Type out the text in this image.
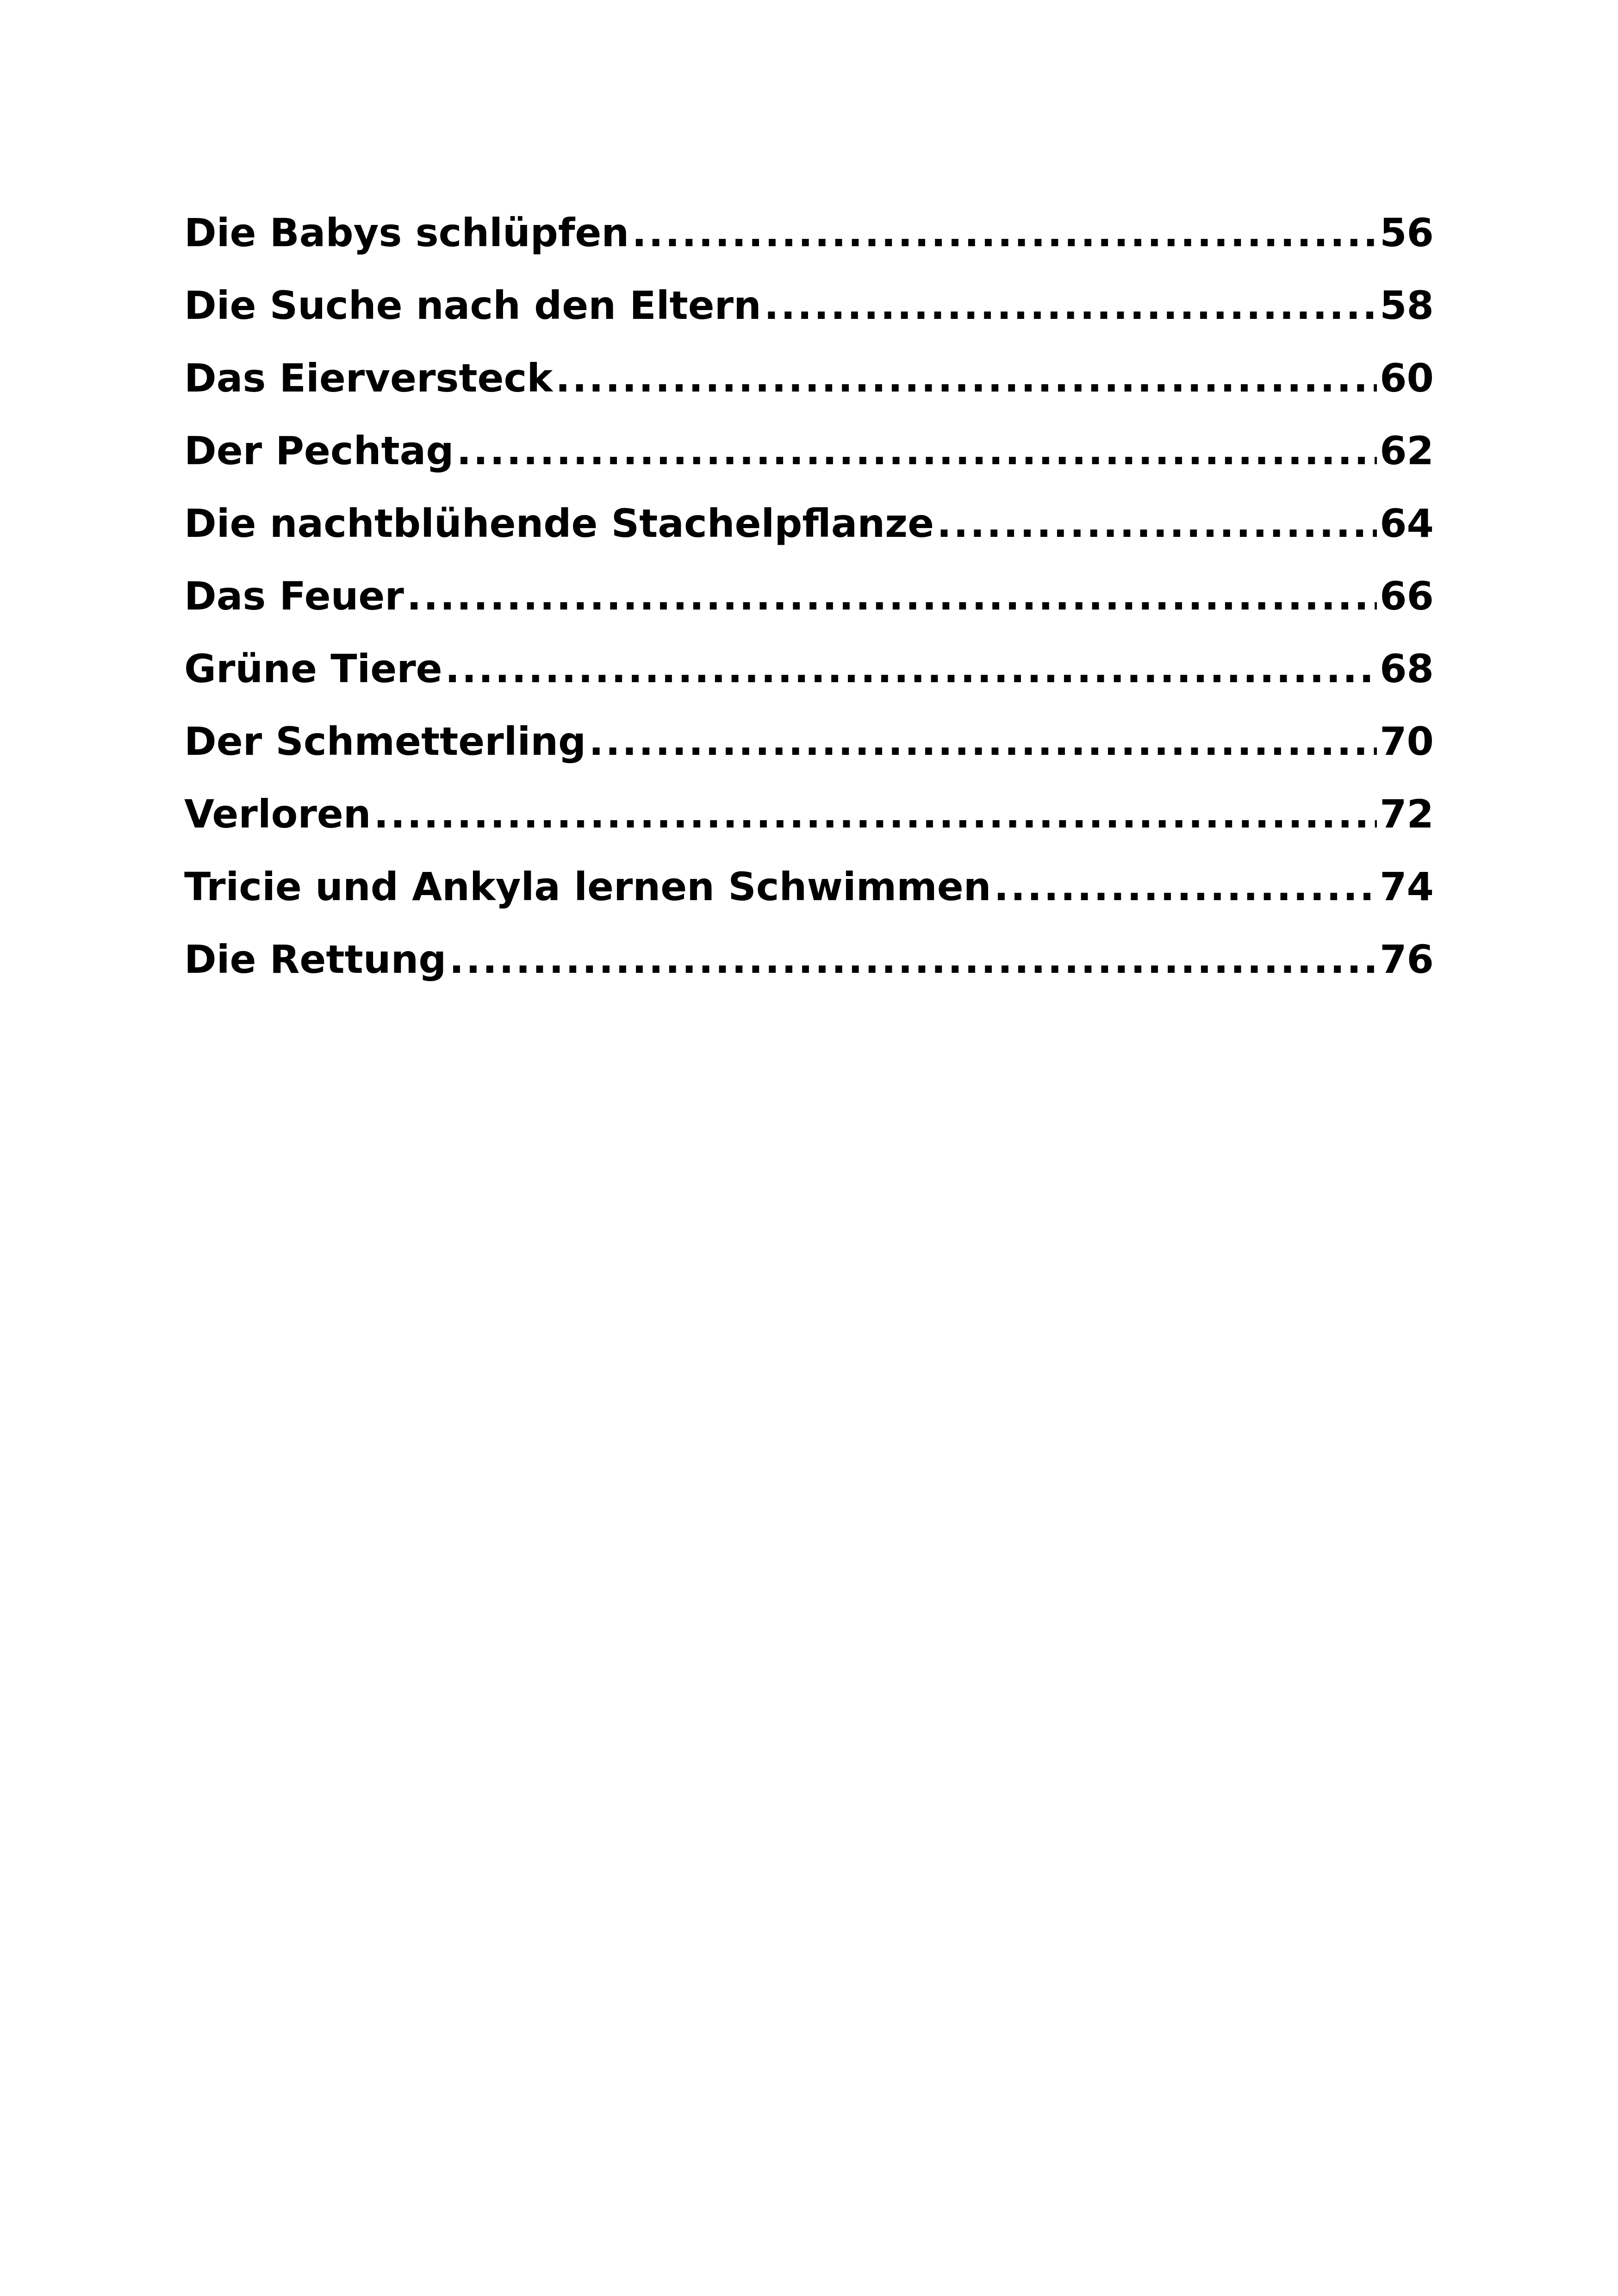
Die Babys schlüpfen .....	56
Die Suche nach den Eltern .....	58
Das Eierversteck .....	60
Der Pechtag .....	62
Die nachtblühende Stachelpflanze .....	64
Das Feuer .....	66
Grüne Tiere .....	68
Der Schmetterling .....	70
Verloren .....	72
Tricie und Ankyla lernen Schwimmen .....	74
Die Rettung .....	76
